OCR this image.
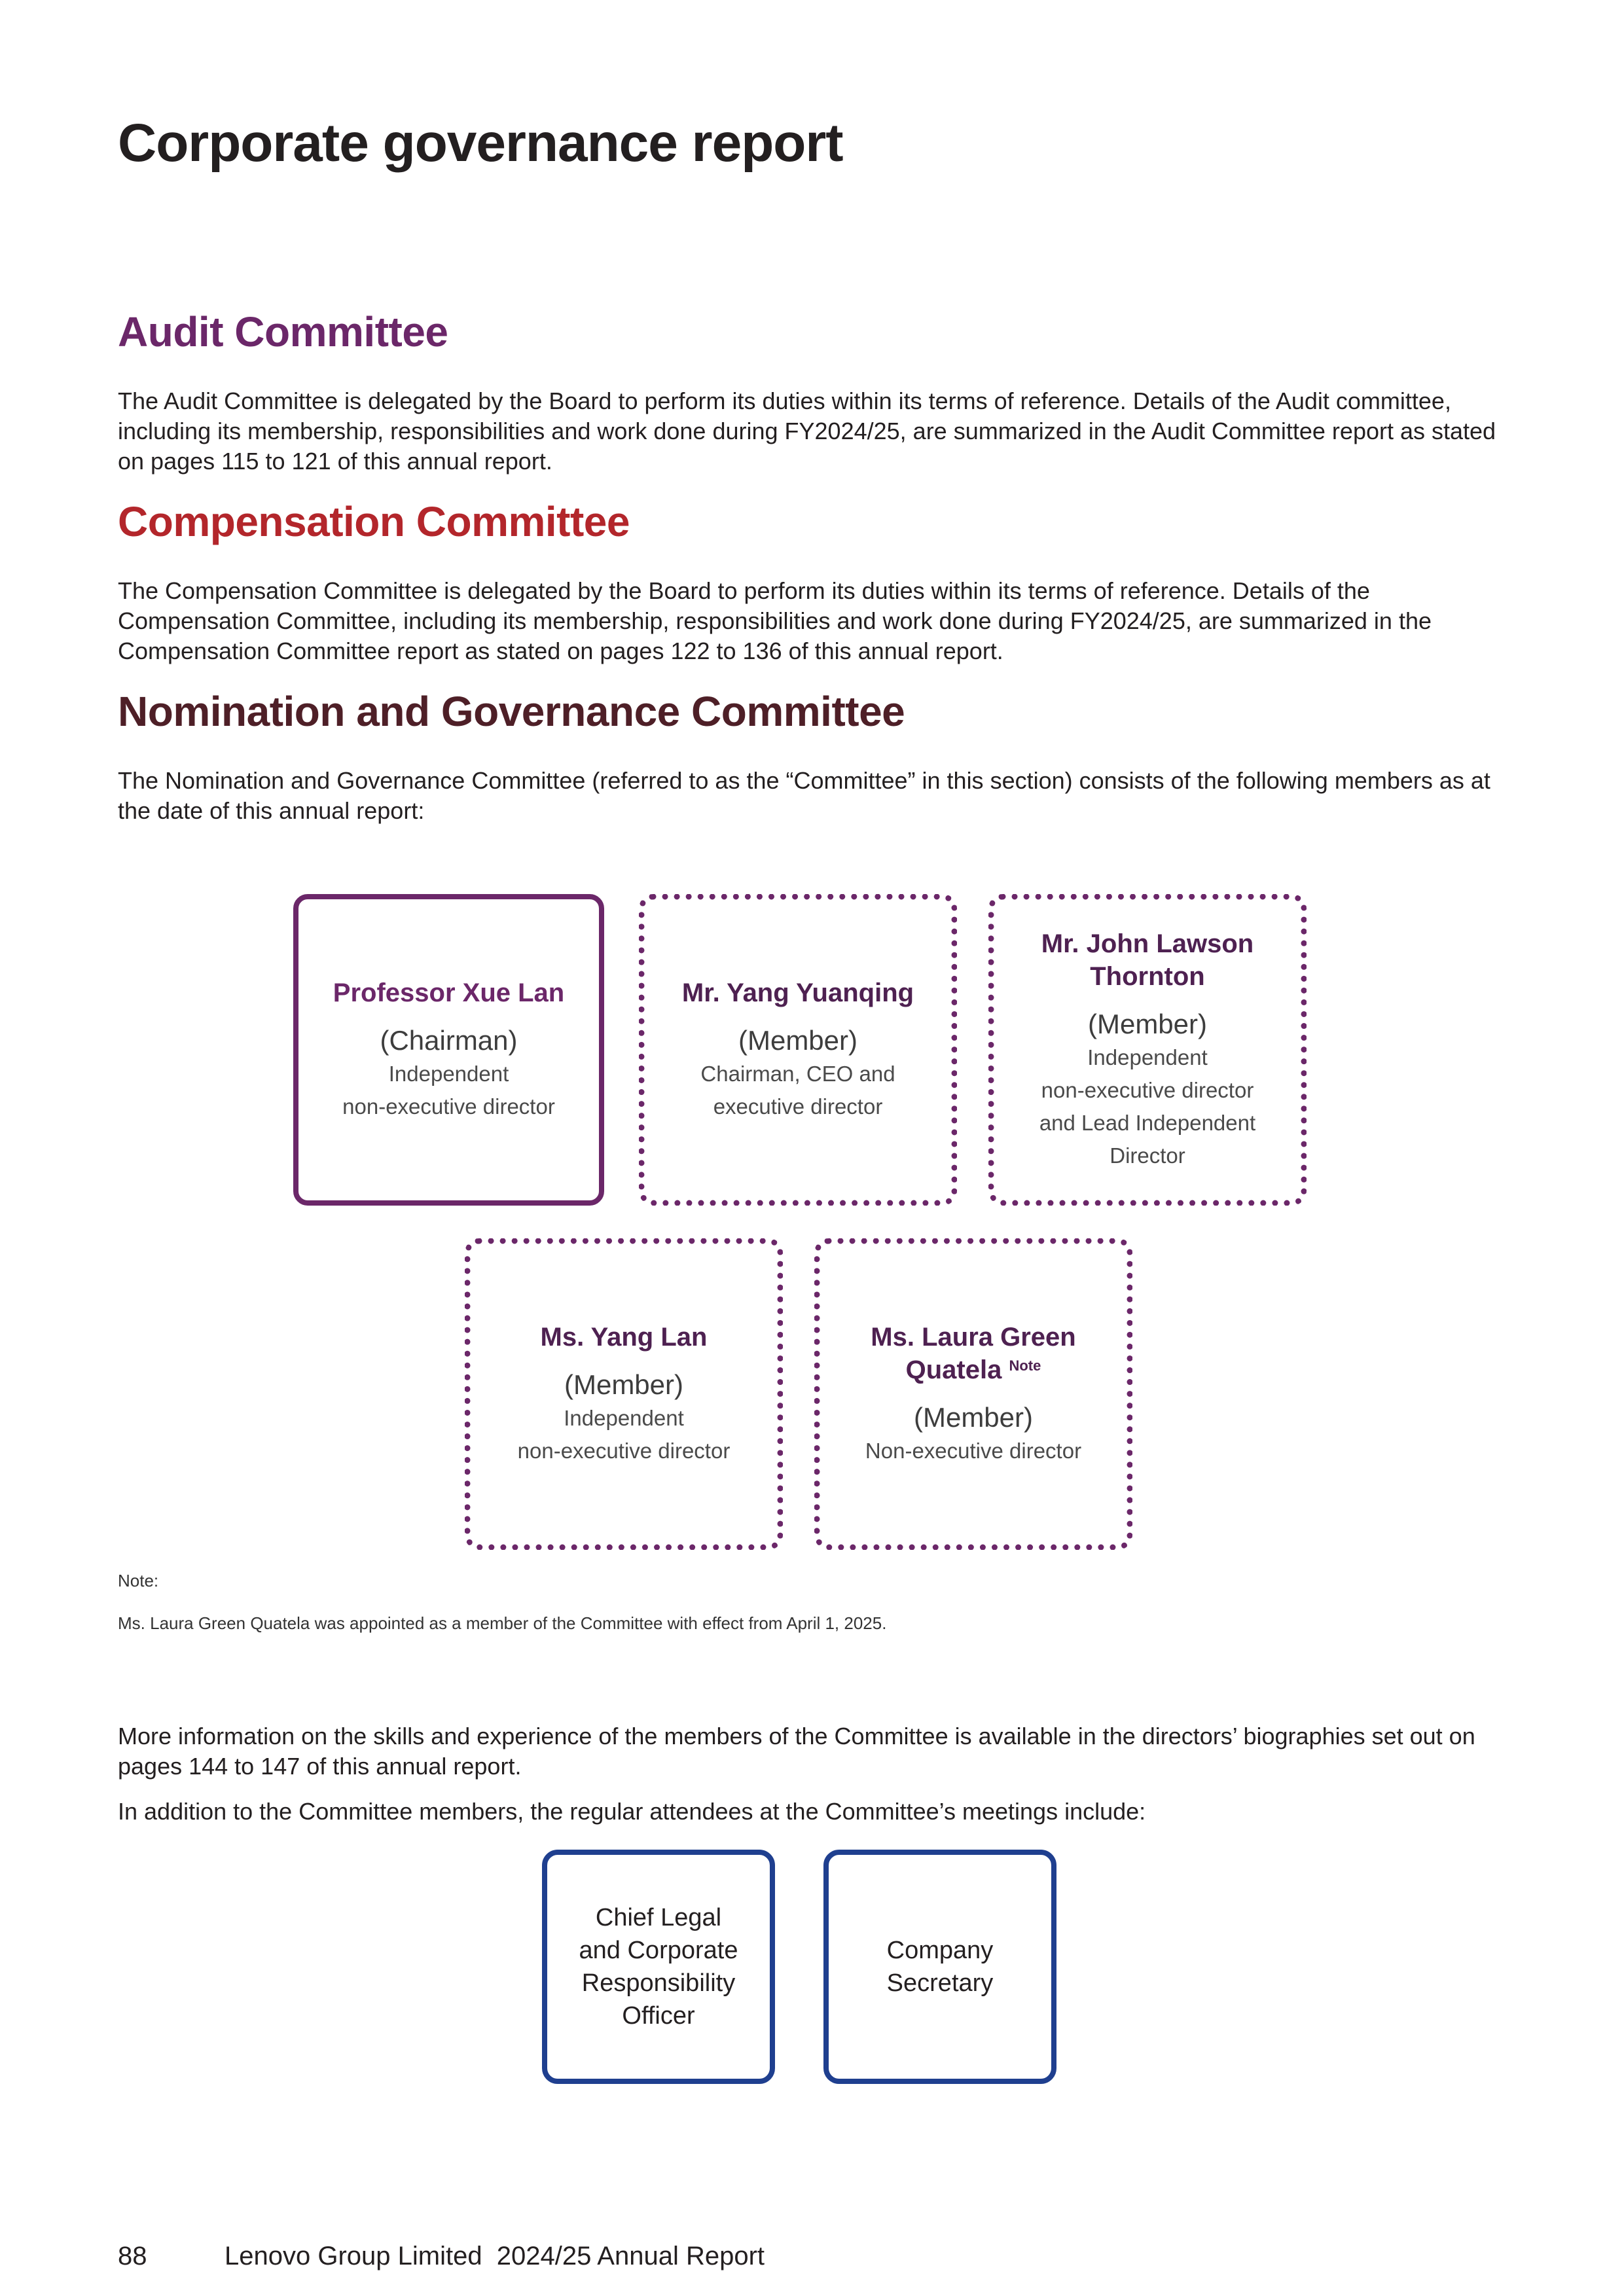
Corporate governance report
Audit Committee

The Audit Committee is delegated by the Board to perform its duties within its terms of reference. Details of the Audit committee, including its membership, responsibilities and work done during FY2024/25, are summarized in the Audit Committee report as stated on pages 115 to 121 of this annual report.

Compensation Committee

The Compensation Committee is delegated by the Board to perform its duties within its terms of reference. Details of the Compensation Committee, including its membership, responsibilities and work done during FY2024/25, are summarized in the Compensation Committee report as stated on pages 122 to 136 of this annual report.

Nomination and Governance Committee

The Nomination and Governance Committee (referred to as the “Committee” in this section) consists of the following members as at the date of this annual report:

Professor Xue Lan
(Chairman)
Independent
non-executive director
Mr. Yang Yuanqing
(Member)
Chairman, CEO and
executive director
Mr. John Lawson
Thornton
(Member)
Independent
non-executive director
and Lead Independent
Director
Ms. Yang Lan
(Member)
Independent
non-executive director
Ms. Laura Green
Quatela $^{Note}$
(Member)
Non-executive director

Note:

Ms. Laura Green Quatela was appointed as a member of the Committee with effect from April 1, 2025.

More information on the skills and experience of the members of the Committee is available in the directors’ biographies set out on pages 144 to 147 of this annual report.

In addition to the Committee members, the regular attendees at the Committee’s meetings include:

Chief Legal
and Corporate
Responsibility
Officer
Company
Secretary

88	Lenovo Group Limited  2024/25 Annual Report
